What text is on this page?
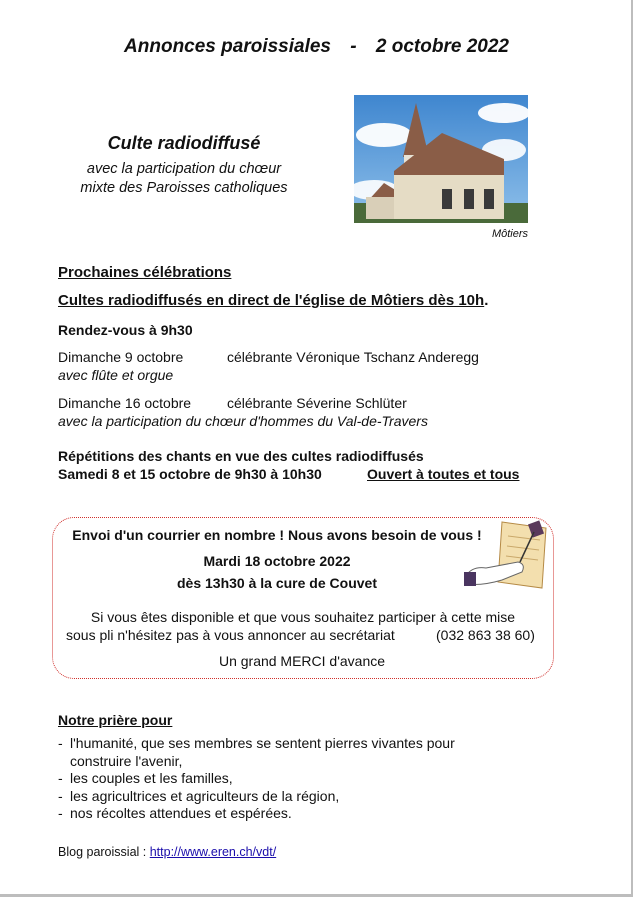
Annonces paroissiales - 2 octobre 2022
Culte radiodiffusé
avec la participation du chœur
mixte des Paroisses catholiques
Môtiers
Prochaines célébrations
Cultes radiodiffusés en direct de l'église de Môtiers dès 10h.
Rendez-vous à 9h30
Dimanche 9 octobre	célébrante Véronique Tschanz Anderegg
avec flûte et orgue
Dimanche 16 octobre	célébrante Séverine Schlüter
avec la participation du chœur d'hommes du Val-de-Travers
Répétitions des chants en vue des cultes radiodiffusés
Samedi 8 et 15 octobre de 9h30 à 10h30	Ouvert à toutes et tous
Envoi d'un courrier en nombre ! Nous avons besoin de vous !
Mardi 18 octobre 2022
dès 13h30 à la cure de Couvet
Si vous êtes disponible et que vous souhaitez participer à cette mise
sous pli n'hésitez pas à vous annoncer au secrétariat	(032 863 38 60)
Un grand MERCI d'avance
Notre prière pour
- l'humanité, que ses membres se sentent pierres vivantes pour
construire l'avenir,
- les couples et les familles,
- les agricultrices et agriculteurs de la région,
- nos récoltes attendues et espérées.
Blog paroissial : http://www.eren.ch/vdt/
